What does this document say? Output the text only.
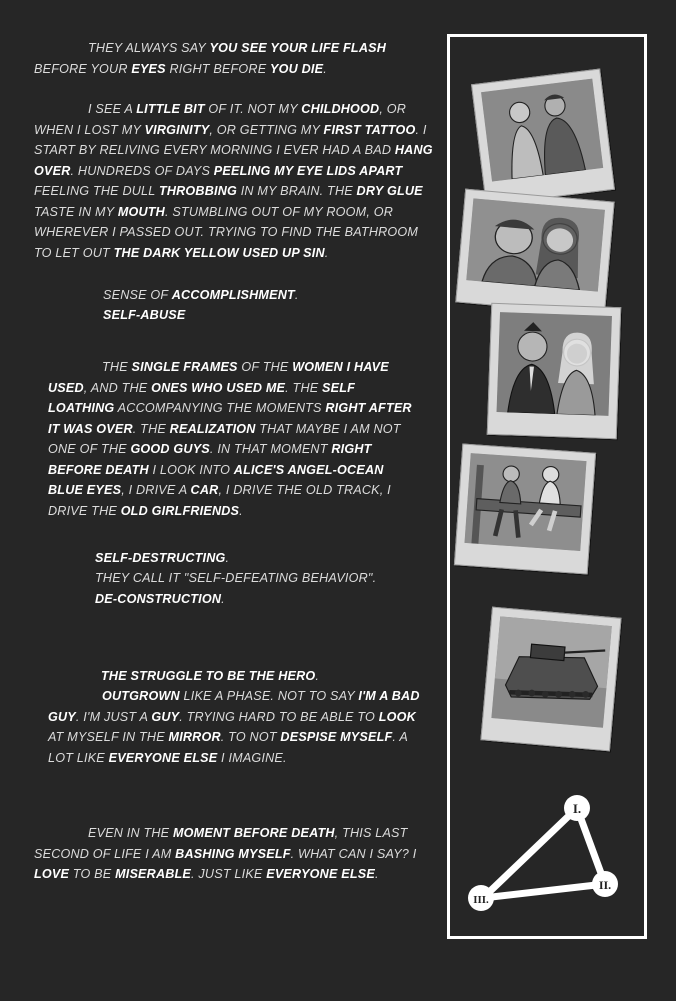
THEY ALWAYS SAY YOU SEE YOUR LIFE FLASH BEFORE YOUR EYES RIGHT BEFORE YOU DIE.

I SEE A LITTLE BIT OF IT. NOT MY CHILDHOOD, OR WHEN I LOST MY VIRGINITY, OR GETTING MY FIRST TATTOO. I START BY RELIVING EVERY MORNING I EVER HAD A BAD HANG OVER. HUNDREDS OF DAYS PEELING MY EYE LIDS APART FEELING THE DULL THROBBING IN MY BRAIN. THE DRY GLUE TASTE IN MY MOUTH. STUMBLING OUT OF MY ROOM, OR WHEREVER I PASSED OUT. TRYING TO FIND THE BATHROOM TO LET OUT THE DARK YELLOW USED UP SIN.

SENSE OF ACCOMPLISHMENT.

SELF-ABUSE

THE SINGLE FRAMES OF THE WOMEN I HAVE USED, AND THE ONES WHO USED ME. THE SELF LOATHING ACCOMPANYING THE MOMENTS RIGHT AFTER IT WAS OVER. THE REALIZATION THAT MAYBE I AM NOT ONE OF THE GOOD GUYS. IN THAT MOMENT RIGHT BEFORE DEATH I LOOK INTO ALICE'S ANGEL-OCEAN BLUE EYES, I DRIVE A CAR, I DRIVE THE OLD TRACK, I DRIVE THE OLD GIRLFRIENDS.

SELF-DESTRUCTING.

THEY CALL IT "SELF-DEFEATING BEHAVIOR".

DE-CONSTRUCTION.

THE STRUGGLE TO BE THE HERO.

OUTGROWN LIKE A PHASE. NOT TO SAY I'M A BAD GUY. I'M JUST A GUY. TRYING HARD TO BE ABLE TO LOOK AT MYSELF IN THE MIRROR. TO NOT DESPISE MYSELF. A LOT LIKE EVERYONE ELSE I IMAGINE.

EVEN IN THE MOMENT BEFORE DEATH, THIS LAST SECOND OF LIFE I AM BASHING MYSELF. WHAT CAN I SAY? I LOVE TO BE MISERABLE. JUST LIKE EVERYONE ELSE.

I.
II.
III.
